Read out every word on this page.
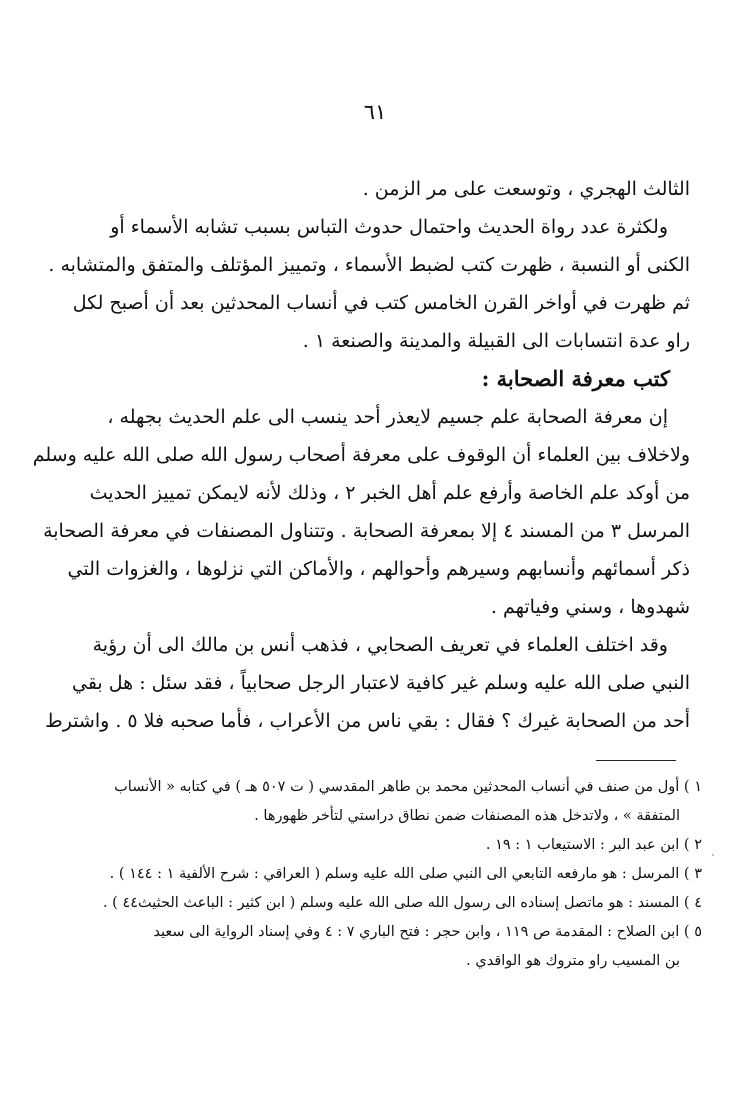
٦١
الثالث الهجري ، وتوسعت على مر الزمن .
ولكثرة عدد رواة الحديث واحتمال حدوث التباس بسبب تشابه الأسماء أو
الكنى أو النسبة ، ظهرت كتب لضبط الأسماء ، وتمييز المؤتلف والمتفق والمتشابه .
ثم ظهرت في أواخر القرن الخامس كتب في أنساب المحدثين بعد أن أصبح لكل
راو عدة انتسابات الى القبيلة والمدينة والصنعة ١ .
كتب معرفة الصحابة :
إن معرفة الصحابة علم جسيم لايعذر أحد ينسب الى علم الحديث بجهله ،
ولاخلاف بين العلماء أن الوقوف على معرفة أصحاب رسول الله صلى الله عليه وسلم
من أوكد علم الخاصة وأرفع علم أهل الخبر ٢ ، وذلك لأنه لايمكن تمييز الحديث
المرسل ٣ من المسند ٤ إلا بمعرفة الصحابة . وتتناول المصنفات في معرفة الصحابة
ذكر أسمائهم وأنسابهم وسيرهم وأحوالهم ، والأماكن التي نزلوها ، والغزوات التي
شهدوها ، وسني وفياتهم .
وقد اختلف العلماء في تعريف الصحابي ، فذهب أنس بن مالك الى أن رؤية
النبي صلى الله عليه وسلم غير كافية لاعتبار الرجل صحابياً ، فقد سئل : هل بقي
أحد من الصحابة غيرك ؟ فقال : بقي ناس من الأعراب ، فأما صحبه فلا ٥ . واشترط
١ ) أول من صنف في أنساب المحدثين محمد بن طاهر المقدسي ( ت ٥٠٧ هـ ) في كتابه « الأنساب
المتفقة » ، ولاتدخل هذه المصنفات ضمن نطاق دراستي لتأخر ظهورها .
٢ ) ابن عبد البر : الاستيعاب ١ : ١٩ .
٣ ) المرسل : هو مارفعه التابعي الى النبي صلى الله عليه وسلم ( العراقي : شرح الألفية ١ : ١٤٤ ) .
٤ ) المسند : هو ماتصل إسناده الى رسول الله صلى الله عليه وسلم ( ابن كثير : الباعث الحثيث٤٤ ) .
٥ ) ابن الصلاح : المقدمة ص ١١٩ ، وابن حجر : فتح الباري ٧ : ٤ وفي إسناد الرواية الى سعيد
بن المسيب راو متروك هو الواقدي .
٠
